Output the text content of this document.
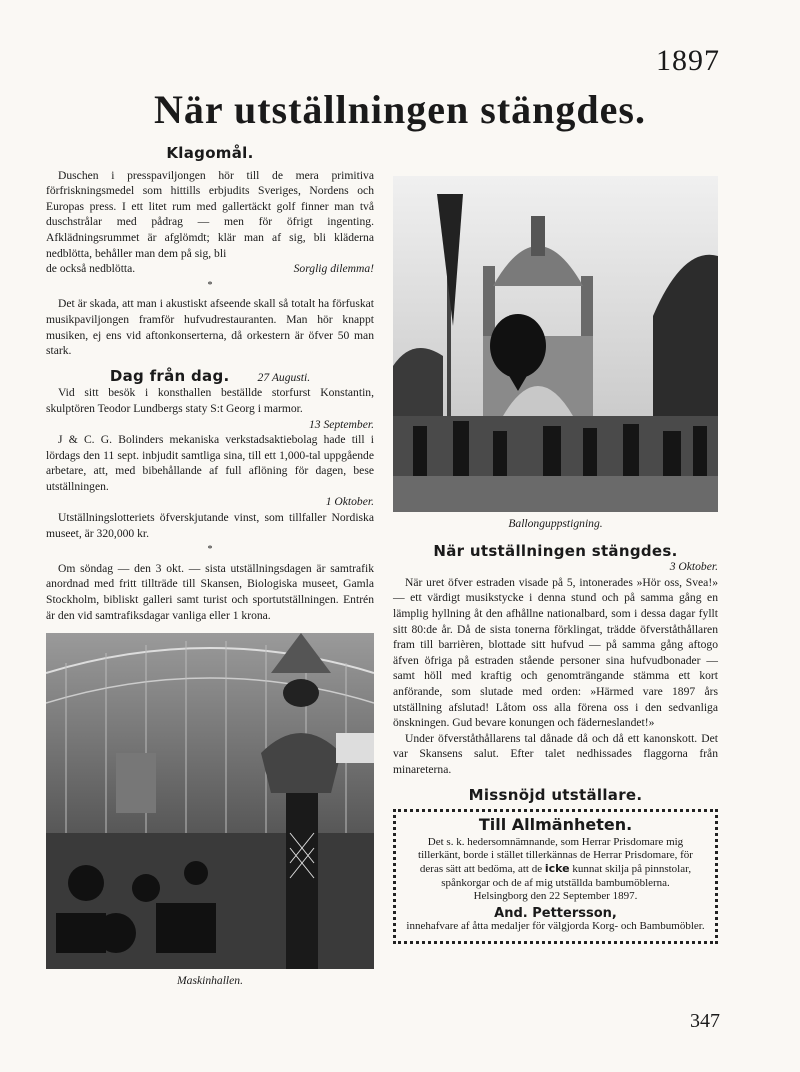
1897
När utställningen stängdes.
Klagomål.

Duschen i presspaviljongen hör till de mera primitiva förfriskningsmedel som hittills erbjudits Sveriges, Nordens och Europas press. I ett litet rum med gallertäckt golf finner man två duschstrålar med pådrag — men för öfrigt ingenting. Afklädningsrummet är afglömdt; klär man af sig, bli kläderna nedblötta, behåller man dem på sig, bli

de också nedblötta.	Sorglig dilemma!
*

Det är skada, att man i akustiskt afseende skall så totalt ha förfuskat musikpaviljongen framför hufvudrestauranten. Man hör knappt musiken, ej ens vid aftonkonserterna, då orkestern är öfver 50 man stark.

Dag från dag. 27 Augusti.

Vid sitt besök i konsthallen beställde storfurst Konstantin, skulptören Teodor Lundbergs staty S:t Georg i marmor.

13 September.

J & C. G. Bolinders mekaniska verkstadsaktiebolag hade till i lördags den 11 sept. inbjudit samtliga sina, till ett 1,000-tal uppgående arbetare, att, med bibehållande af full aflöning för dagen, bese utställningen.

1 Oktober.

Utställningslotteriets öfverskjutande vinst, som tillfaller Nordiska museet, är 320,000 kr.

*

Om söndag — den 3 okt. — sista utställningsdagen är samtrafik anordnad med fritt tillträde till Skansen, Biologiska museet, Gamla Stockholm, bibliskt galleri samt turist och sportutställningen. Entrén är den vid samtrafiksdagar vanliga eller 1 krona.

Maskinhallen.
Ballonguppstigning.
När utställningen stängdes.
3 Oktober.

När uret öfver estraden visade på 5, intonerades »Hör oss, Svea!» — ett värdigt musikstycke i denna stund och på samma gång en lämplig hyllning åt den afhållne nationalbard, som i dessa dagar fyllt sitt 80:de år. Då de sista tonerna förklingat, trädde öfverståthållaren fram till barrièren, blottade sitt hufvud — på samma gång aftogo äfven öfriga på estraden stående personer sina hufvudbonader — samt höll med kraftig och genomträngande stämma ett kort anförande, som slutade med orden: »Härmed vare 1897 års utställning afslutad! Låtom oss alla förena oss i den sedvanliga önskningen. Gud bevare konungen och fäderneslandet!»

Under öfverståthållarens tal dånade då och då ett kanonskott. Det var Skansens salut. Efter talet nedhissades flaggorna från minareterna.

Missnöjd utställare.
Till Allmänheten.
Det s. k. hedersomnämnande, som Herrar Prisdomare mig tillerkänt, borde i stället tillerkännas de Herrar Prisdomare, för deras sätt att bedöma, att de icke kunnat skilja på pinnstolar, spånkorgar och de af mig utställda bambumöblerna.
Helsingborg den 22 September 1897.
And. Pettersson,
innehafvare af åtta medaljer för välgjorda Korg- och Bambumöbler.
347
